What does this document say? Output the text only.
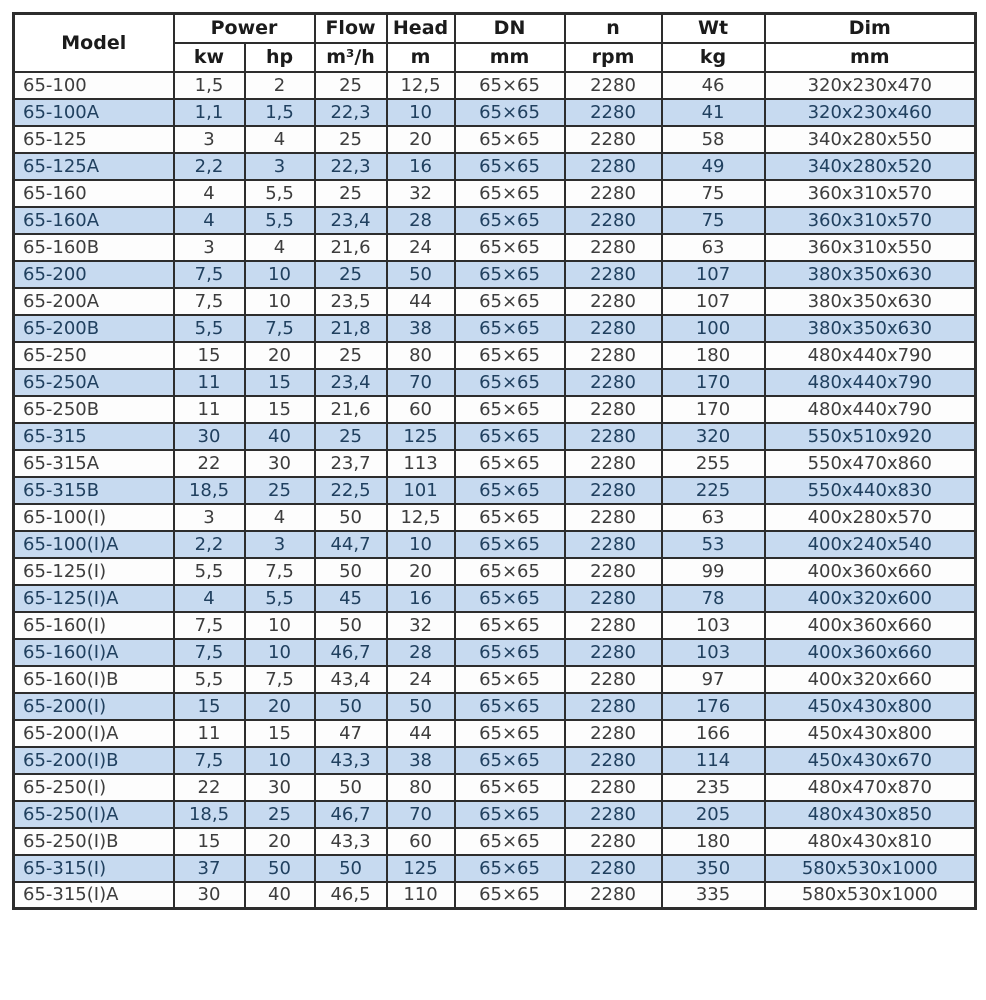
Model	Power		Flow	Head	DN	n	Wt	Dim
	kw	hp	m³/h	m	mm	rpm	kg	mm
65-100	1,5	2	25	12,5	65×65	2280	46	320x230x470
65-100A	1,1	1,5	22,3	10	65×65	2280	41	320x230x460
65-125	3	4	25	20	65×65	2280	58	340x280x550
65-125A	2,2	3	22,3	16	65×65	2280	49	340x280x520
65-160	4	5,5	25	32	65×65	2280	75	360x310x570
65-160A	4	5,5	23,4	28	65×65	2280	75	360x310x570
65-160B	3	4	21,6	24	65×65	2280	63	360x310x550
65-200	7,5	10	25	50	65×65	2280	107	380x350x630
65-200A	7,5	10	23,5	44	65×65	2280	107	380x350x630
65-200B	5,5	7,5	21,8	38	65×65	2280	100	380x350x630
65-250	15	20	25	80	65×65	2280	180	480x440x790
65-250A	11	15	23,4	70	65×65	2280	170	480x440x790
65-250B	11	15	21,6	60	65×65	2280	170	480x440x790
65-315	30	40	25	125	65×65	2280	320	550x510x920
65-315A	22	30	23,7	113	65×65	2280	255	550x470x860
65-315B	18,5	25	22,5	101	65×65	2280	225	550x440x830
65-100(I)	3	4	50	12,5	65×65	2280	63	400x280x570
65-100(I)A	2,2	3	44,7	10	65×65	2280	53	400x240x540
65-125(I)	5,5	7,5	50	20	65×65	2280	99	400x360x660
65-125(I)A	4	5,5	45	16	65×65	2280	78	400x320x600
65-160(I)	7,5	10	50	32	65×65	2280	103	400x360x660
65-160(I)A	7,5	10	46,7	28	65×65	2280	103	400x360x660
65-160(I)B	5,5	7,5	43,4	24	65×65	2280	97	400x320x660
65-200(I)	15	20	50	50	65×65	2280	176	450x430x800
65-200(I)A	11	15	47	44	65×65	2280	166	450x430x800
65-200(I)B	7,5	10	43,3	38	65×65	2280	114	450x430x670
65-250(I)	22	30	50	80	65×65	2280	235	480x470x870
65-250(I)A	18,5	25	46,7	70	65×65	2280	205	480x430x850
65-250(I)B	15	20	43,3	60	65×65	2280	180	480x430x810
65-315(I)	37	50	50	125	65×65	2280	350	580x530x1000
65-315(I)A	30	40	46,5	110	65×65	2280	335	580x530x1000
